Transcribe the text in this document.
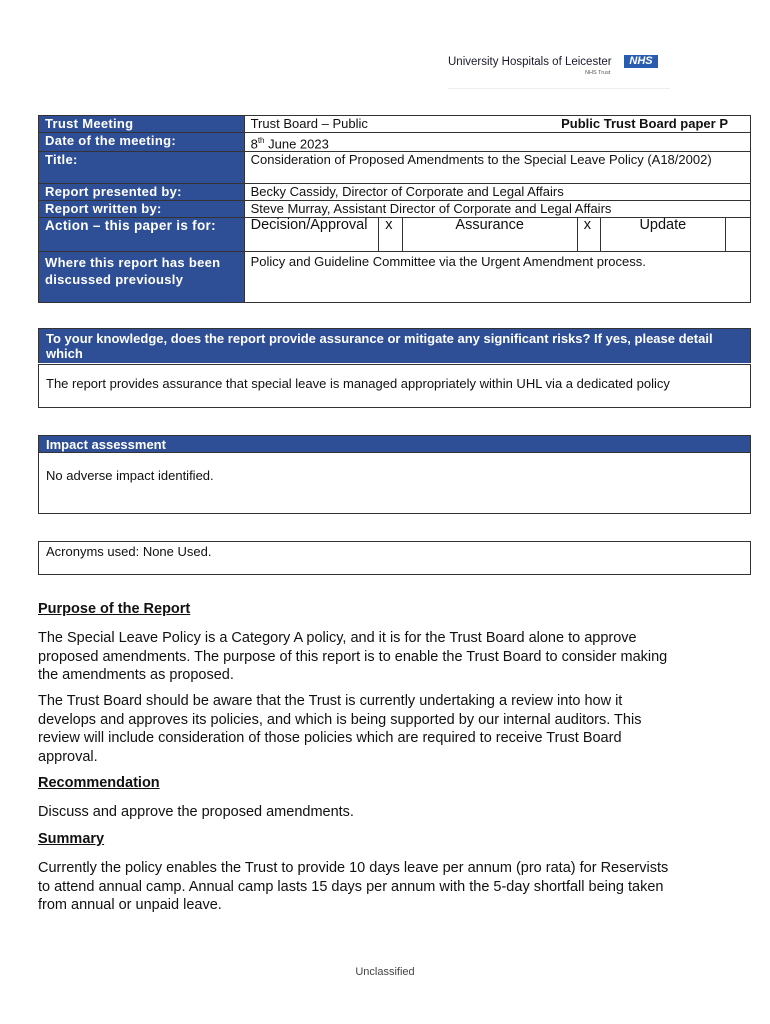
University Hospitals of Leicester	NHS
NHS Trust
Trust Meeting	Trust Board – Public Public Trust Board paper P					

Date of the meeting:	8th June 2023					
Title:	Consideration of Proposed Amendments to the Special Leave Policy (A18/2002)					
Report presented by:	Becky Cassidy, Director of Corporate and Legal Affairs					
Report written by:	Steve Murray, Assistant Director of Corporate and Legal Affairs					
Action – this paper is for:	Decision/Approval	x	Assurance	x	Update	
Where this report has been discussed previously	Policy and Guideline Committee via the Urgent Amendment process.					
To your knowledge, does the report provide assurance or mitigate any significant risks? If yes, please detail which
The report provides assurance that special leave is managed appropriately within UHL via a dedicated policy
Impact assessment
No adverse impact identified.
Acronyms used: None Used.
Purpose of the Report
The Special Leave Policy is a Category A policy, and it is for the Trust Board alone to approve proposed amendments. The purpose of this report is to enable the Trust Board to consider making the amendments as proposed.
The Trust Board should be aware that the Trust is currently undertaking a review into how it develops and approves its policies, and which is being supported by our internal auditors. This review will include consideration of those policies which are required to receive Trust Board approval.
Recommendation
Discuss and approve the proposed amendments.
Summary
Currently the policy enables the Trust to provide 10 days leave per annum (pro rata) for Reservists to attend annual camp. Annual camp lasts 15 days per annum with the 5-day shortfall being taken from annual or unpaid leave.
Unclassified
